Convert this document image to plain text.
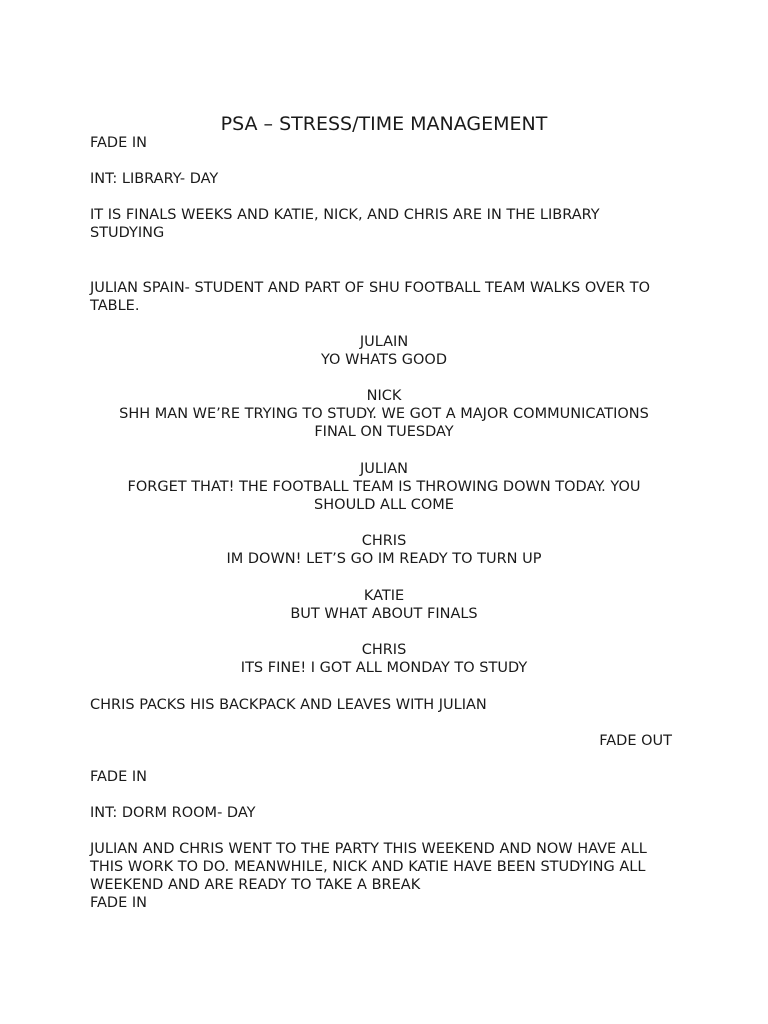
PSA – STRESS/TIME MANAGEMENT
FADE IN
INT: LIBRARY- DAY
IT IS FINALS WEEKS AND KATIE, NICK, AND CHRIS ARE IN THE LIBRARY
STUDYING
JULIAN SPAIN- STUDENT AND PART OF SHU FOOTBALL TEAM WALKS OVER TO
TABLE.
JULAIN
YO WHATS GOOD
NICK
SHH MAN WE’RE TRYING TO STUDY. WE GOT A MAJOR COMMUNICATIONS
FINAL ON TUESDAY
JULIAN
FORGET THAT! THE FOOTBALL TEAM IS THROWING DOWN TODAY. YOU
SHOULD ALL COME
CHRIS
IM DOWN! LET’S GO IM READY TO TURN UP
KATIE
BUT WHAT ABOUT FINALS
CHRIS
ITS FINE! I GOT ALL MONDAY TO STUDY
CHRIS PACKS HIS BACKPACK AND LEAVES WITH JULIAN
FADE OUT
FADE IN
INT: DORM ROOM- DAY
JULIAN AND CHRIS WENT TO THE PARTY THIS WEEKEND AND NOW HAVE ALL
THIS WORK TO DO. MEANWHILE, NICK AND KATIE HAVE BEEN STUDYING ALL
WEEKEND AND ARE READY TO TAKE A BREAK
FADE IN
